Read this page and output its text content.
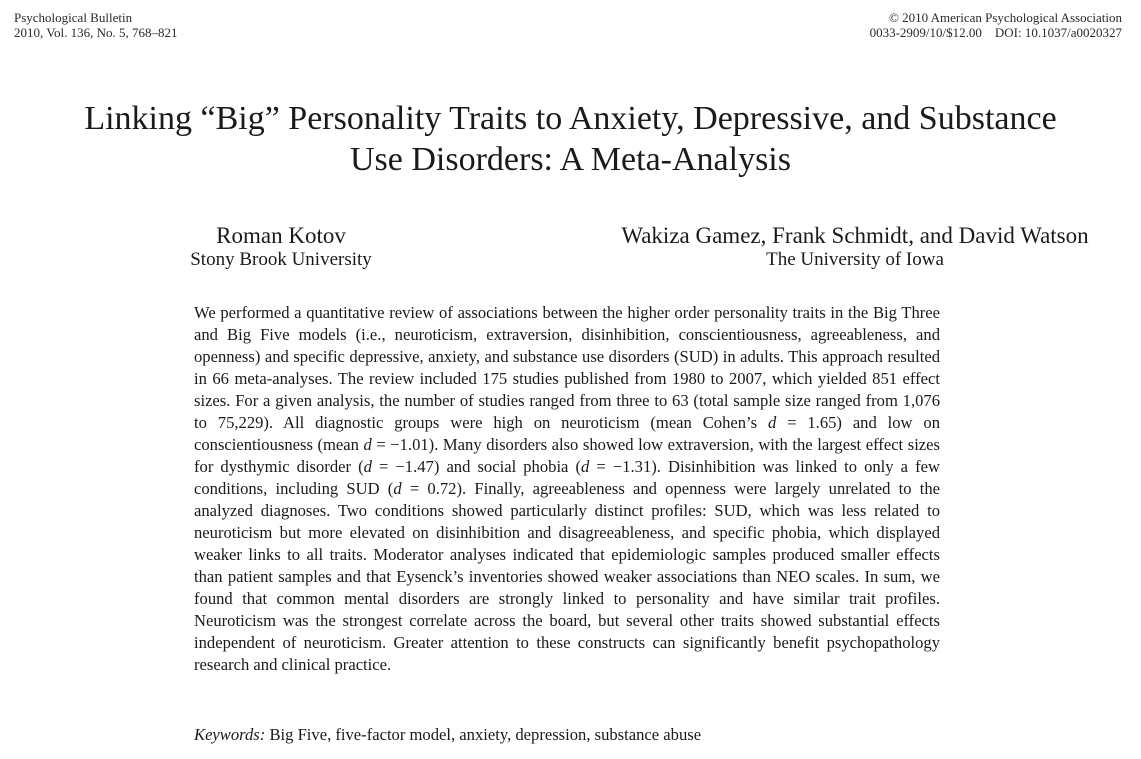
Psychological Bulletin
2010, Vol. 136, No. 5, 768–821
© 2010 American Psychological Association
0033-2909/10/$12.00    DOI: 10.1037/a0020327
Linking “Big” Personality Traits to Anxiety, Depressive, and Substance
Use Disorders: A Meta-Analysis
Roman Kotov
Stony Brook University
Wakiza Gamez, Frank Schmidt, and David Watson
The University of Iowa
We performed a quantitative review of associations between the higher order personality traits in the Big Three and Big Five models (i.e., neuroticism, extraversion, disinhibition, conscientiousness, agreeableness, and openness) and specific depressive, anxiety, and substance use disorders (SUD) in adults. This approach resulted in 66 meta-analyses. The review included 175 studies published from 1980 to 2007, which yielded 851 effect sizes. For a given analysis, the number of studies ranged from three to 63 (total sample size ranged from 1,076 to 75,229). All diagnostic groups were high on neuroticism (mean Cohen’s d = 1.65) and low on conscientiousness (mean d = −1.01). Many disorders also showed low extraversion, with the largest effect sizes for dysthymic disorder (d = −1.47) and social phobia (d = −1.31). Disinhibition was linked to only a few conditions, including SUD (d = 0.72). Finally, agreeableness and openness were largely unrelated to the analyzed diagnoses. Two conditions showed particularly distinct profiles: SUD, which was less related to neuroticism but more elevated on disinhibition and disagreeableness, and specific phobia, which displayed weaker links to all traits. Moderator analyses indicated that epidemiologic samples produced smaller effects than patient samples and that Eysenck’s inventories showed weaker associations than NEO scales. In sum, we found that common mental disorders are strongly linked to personality and have similar trait profiles. Neuroticism was the strongest correlate across the board, but several other traits showed substantial effects independent of neuroticism. Greater attention to these constructs can significantly benefit psychopathology research and clinical practice.
Keywords: Big Five, five-factor model, anxiety, depression, substance abuse
